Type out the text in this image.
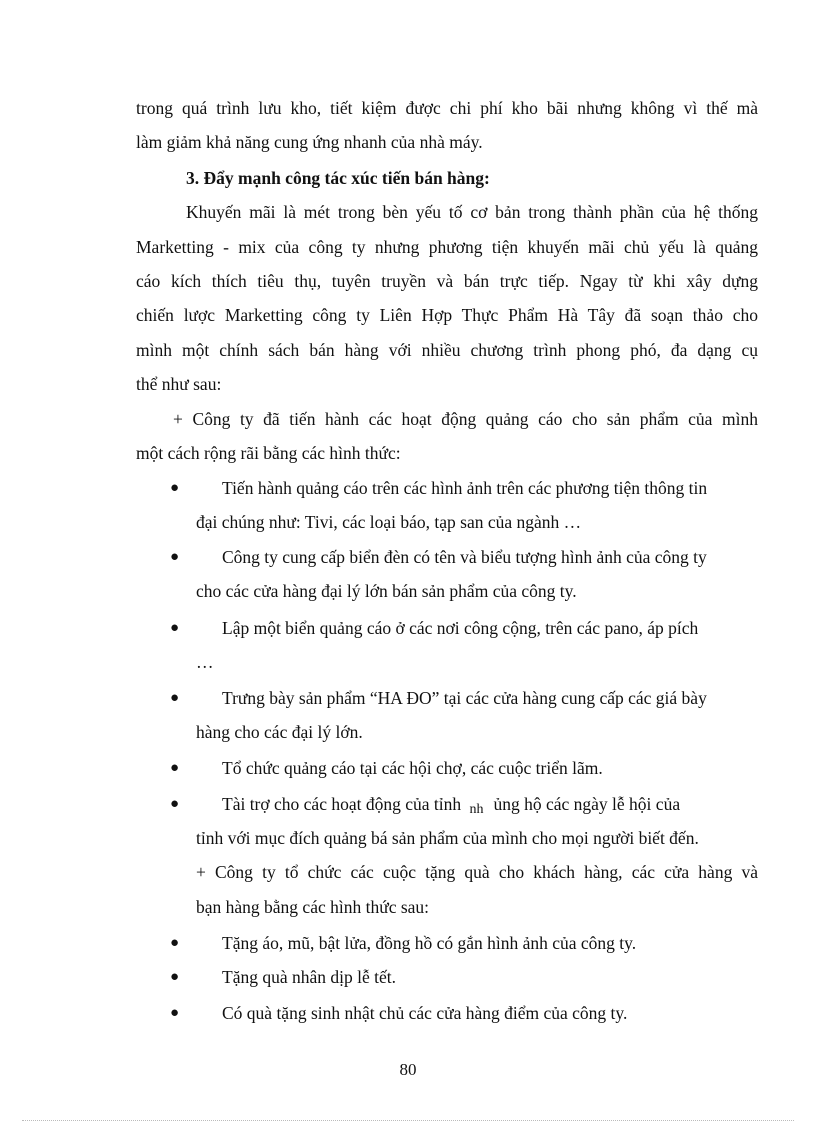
trong quá trình lưu kho, tiết kiệm được chi phí kho bãi nhưng không vì thế mà
làm giảm khả năng cung ứng nhanh của nhà máy.
3. Đẩy mạnh công tác xúc tiến bán hàng:
Khuyến mãi là mét trong bèn yếu tố cơ bản trong thành phần của hệ thống
Marketting - mix của công ty nhưng phương tiện khuyến mãi chủ yếu là quảng
cáo kích thích tiêu thụ, tuyên truyền và bán trực tiếp. Ngay từ khi xây dựng
chiến lược Marketting công ty Liên Hợp Thực Phẩm Hà Tây đã soạn thảo cho
mình một chính sách bán hàng với nhiều chương trình phong phó, đa dạng cụ
thể như sau:
+ Công ty đã tiến hành các hoạt động quảng cáo cho sản phẩm của mình
một cách rộng rãi bằng các hình thức:
●	Tiến hành quảng cáo trên các hình ảnh trên các phương tiện thông tin
đại chúng như: Tivi, các loại báo, tạp san của ngành …
●	Công ty cung cấp biển đèn có tên và biểu tượng hình ảnh của công ty
cho các cửa hàng đại lý lớn bán sản phẩm của công ty.
●	Lập một biển quảng cáo ở các nơi công cộng, trên các pano, áp pích
…
●	Trưng bày sản phẩm “HA ĐO” tại các cửa hàng cung cấp các giá bày
hàng cho các đại lý lớn.
●	Tổ chức quảng cáo tại các hội chợ, các cuộc triển lãm.
●	Tài trợ cho các hoạt động của tỉnh $_{nh}$ ủng hộ các ngày lễ hội của
tỉnh với mục đích quảng bá sản phẩm của mình cho mọi người biết đến.
+ Công ty tổ chức các cuộc tặng quà cho khách hàng, các cửa hàng và
bạn hàng bằng các hình thức sau:
●	Tặng áo, mũ, bật lửa, đồng hồ có gắn hình ảnh của công ty.
●	Tặng quà nhân dịp lễ tết.
●	Có quà tặng sinh nhật chủ các cửa hàng điểm của công ty.
80
